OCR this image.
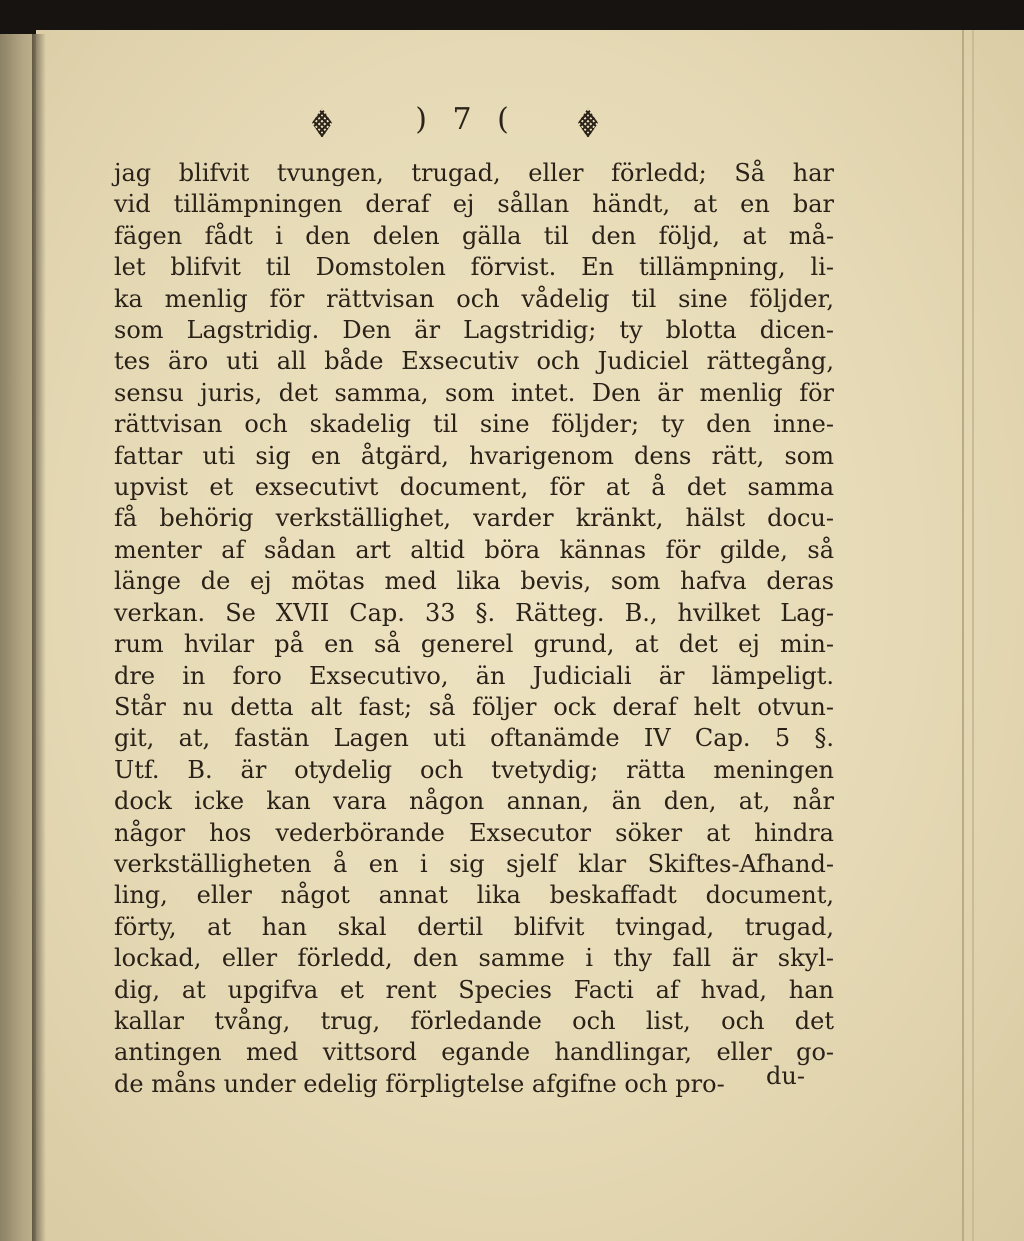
) 7 (
jag blifvit tvungen, trugad, eller förledd; Så har
vid tillämpningen deraf ej sållan händt, at en bar
fägen fådt i den delen gälla til den följd, at må-
let blifvit til Domstolen förvist. En tillämpning, li-
ka menlig för rättvisan och vådelig til sine följder,
som Lagstridig. Den är Lagstridig; ty blotta dicen-
tes äro uti all både Exsecutiv och Judiciel rättegång,
sensu juris, det samma, som intet. Den är menlig för
rättvisan och skadelig til sine följder; ty den inne-
fattar uti sig en åtgärd, hvarigenom dens rätt, som
upvist et exsecutivt document, för at å det samma
få behörig verkställighet, varder kränkt, hälst docu-
menter af sådan art altid böra kännas för gilde, så
länge de ej mötas med lika bevis, som hafva deras
verkan. Se XVII Cap. 33 §. Rätteg. B., hvilket Lag-
rum hvilar på en så generel grund, at det ej min-
dre in foro Exsecutivo, än Judiciali är lämpeligt.
Står nu detta alt fast; så följer ock deraf helt otvun-
git, at, fastän Lagen uti oftanämde IV Cap. 5 §.
Utf. B. är otydelig och tvetydig; rätta meningen
dock icke kan vara någon annan, än den, at, når
någor hos vederbörande Exsecutor söker at hindra
verkställigheten å en i sig sjelf klar Skiftes-Afhand-
ling, eller något annat lika beskaffadt document,
förty, at han skal dertil blifvit tvingad, trugad,
lockad, eller förledd, den samme i thy fall är skyl-
dig, at upgifva et rent Species Facti af hvad, han
kallar tvång, trug, förledande och list, och det
antingen med vittsord egande handlingar, eller go-
de måns under edelig förpligtelse afgifne och pro-	du-
